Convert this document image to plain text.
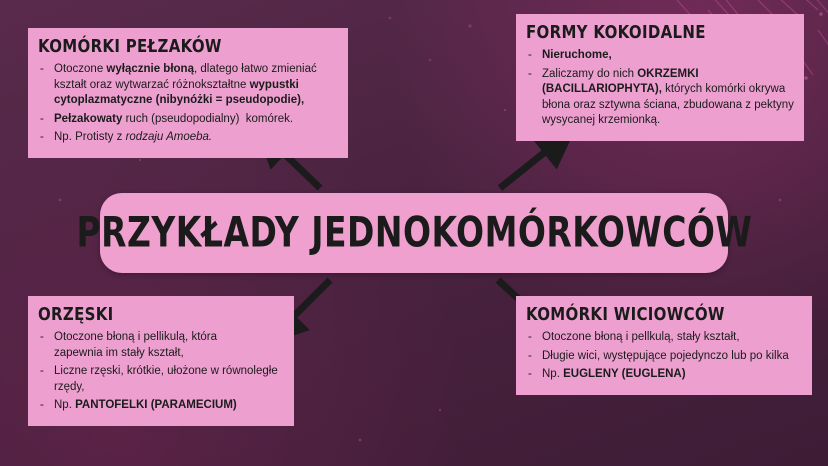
PRZYKŁADY JEDNOKOMÓRKOWCÓW
KOMÓRKI PEŁZAKÓW
- Otoczone wyłącznie błoną, dlatego łatwo zmieniać kształt oraz wytwarzać różnokształtne wypustki cytoplazmatyczne (nibynóżki = pseudopodie),
- Pełzakowaty ruch (pseudopodialny)  komórek.
- Np. Protisty z rodzaju Amoeba.
FORMY KOKOIDALNE
- Nieruchome,
- Zaliczamy do nich OKRZEMKI (BACILLARIOPHYTA), których komórki okrywa błona oraz sztywna ściana, zbudowana z pektyny wysycanej krzemionką.
ORZĘSKI
- Otoczone błoną i pellikulą, która zapewnia im stały kształt,
- Liczne rzęski, krótkie, ułożone w równoległe rzędy,
- Np. PANTOFELKI (PARAMECIUM)
KOMÓRKI WICIOWCÓW
- Otoczone błoną i pellkulą, stały kształt,
- Długie wici, występujące pojedynczo lub po kilka
- Np. EUGLENY (EUGLENA)
